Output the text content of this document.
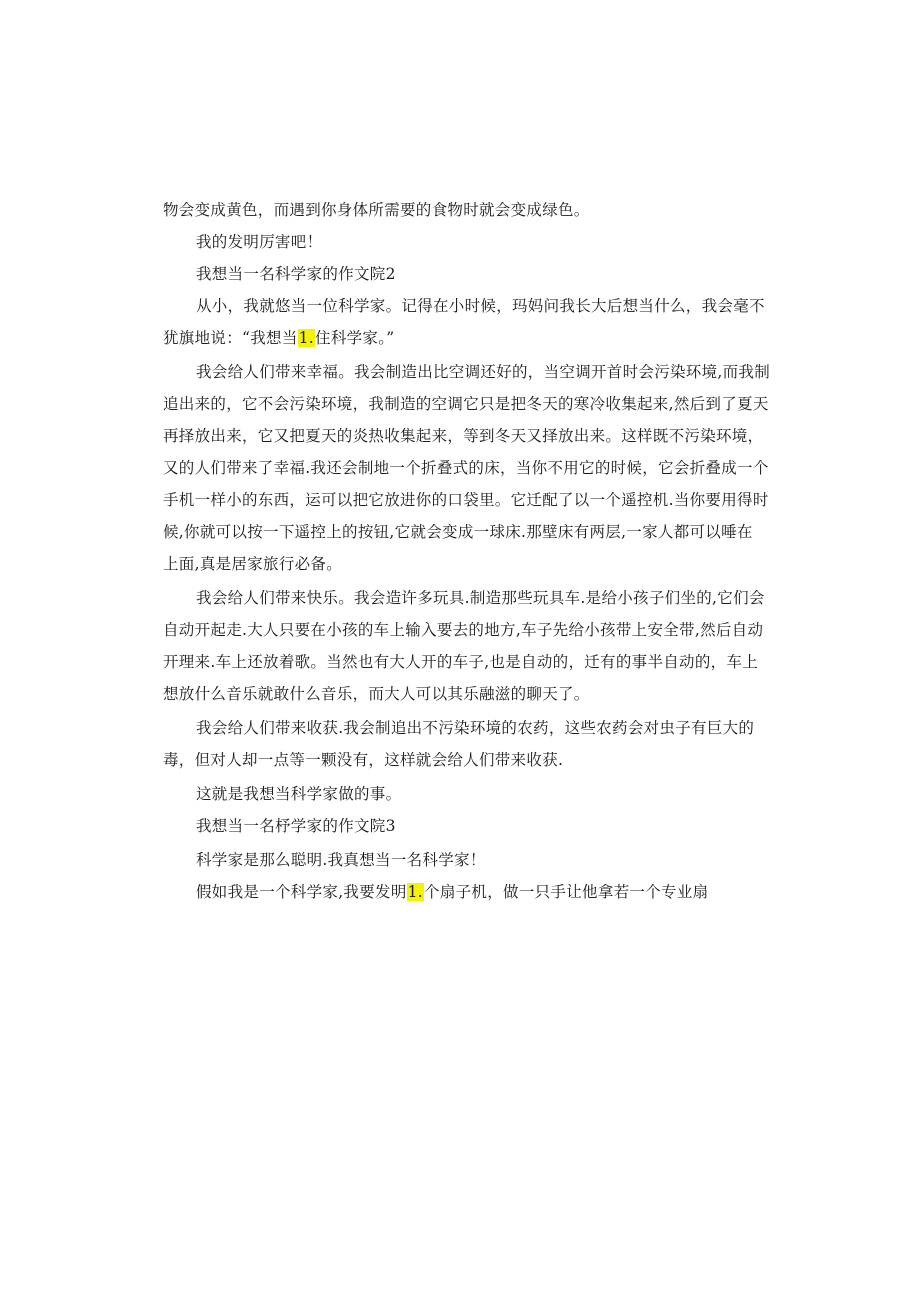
物会变成黄色，而遇到你身体所需要的食物时就会变成绿色。
我的发明厉害吧！
我想当一名科学家的作文院2
从小，我就悠当一位科学家。记得在小时候，玛妈问我长大后想当什么，我会毫不
犹旗地说：“我想当1.住科学家。”
我会给人们带来幸福。我会制造出比空调还好的，当空调开首时会污染环境,而我制
追出来的，它不会污染环境，我制造的空调它只是把冬天的寒冷收集起来,然后到了夏天
再择放出来，它又把夏天的炎热收集起来，等到冬天又择放出来。这样既不污染环境，
又的人们带来了幸福.我还会制地一个折叠式的床，当你不用它的时候，它会折叠成一个
手机一样小的东西，运可以把它放进你的口袋里。它迁配了以一个遥控机.当你要用得时
候,你就可以按一下遥控上的按钮,它就会变成一球床.那壁床有两层,一家人都可以唾在
上面,真是居家旅行必备。
我会给人们带来快乐。我会造许多玩具.制造那些玩具车.是给小孩子们坐的,它们会
自动开起走.大人只要在小孩的车上输入要去的地方,车子先给小孩带上安全带,然后自动
开理来.车上还放着歌。当然也有大人开的车子,也是自动的，迁有的事半自动的，车上
想放什么音乐就敢什么音乐，而大人可以其乐融滋的聊天了。
我会给人们带来收获.我会制追出不污染环境的农药，这些农药会对虫子有巨大的
毒，但对人却一点等一颗没有，这样就会给人们带来收获.
这就是我想当科学家做的事。
我想当一名杼学家的作文院3
科学家是那么聪明.我真想当一名科学家！
假如我是一个科学家,我要发明1.个扇子机，做一只手让他拿若一个专业扇
